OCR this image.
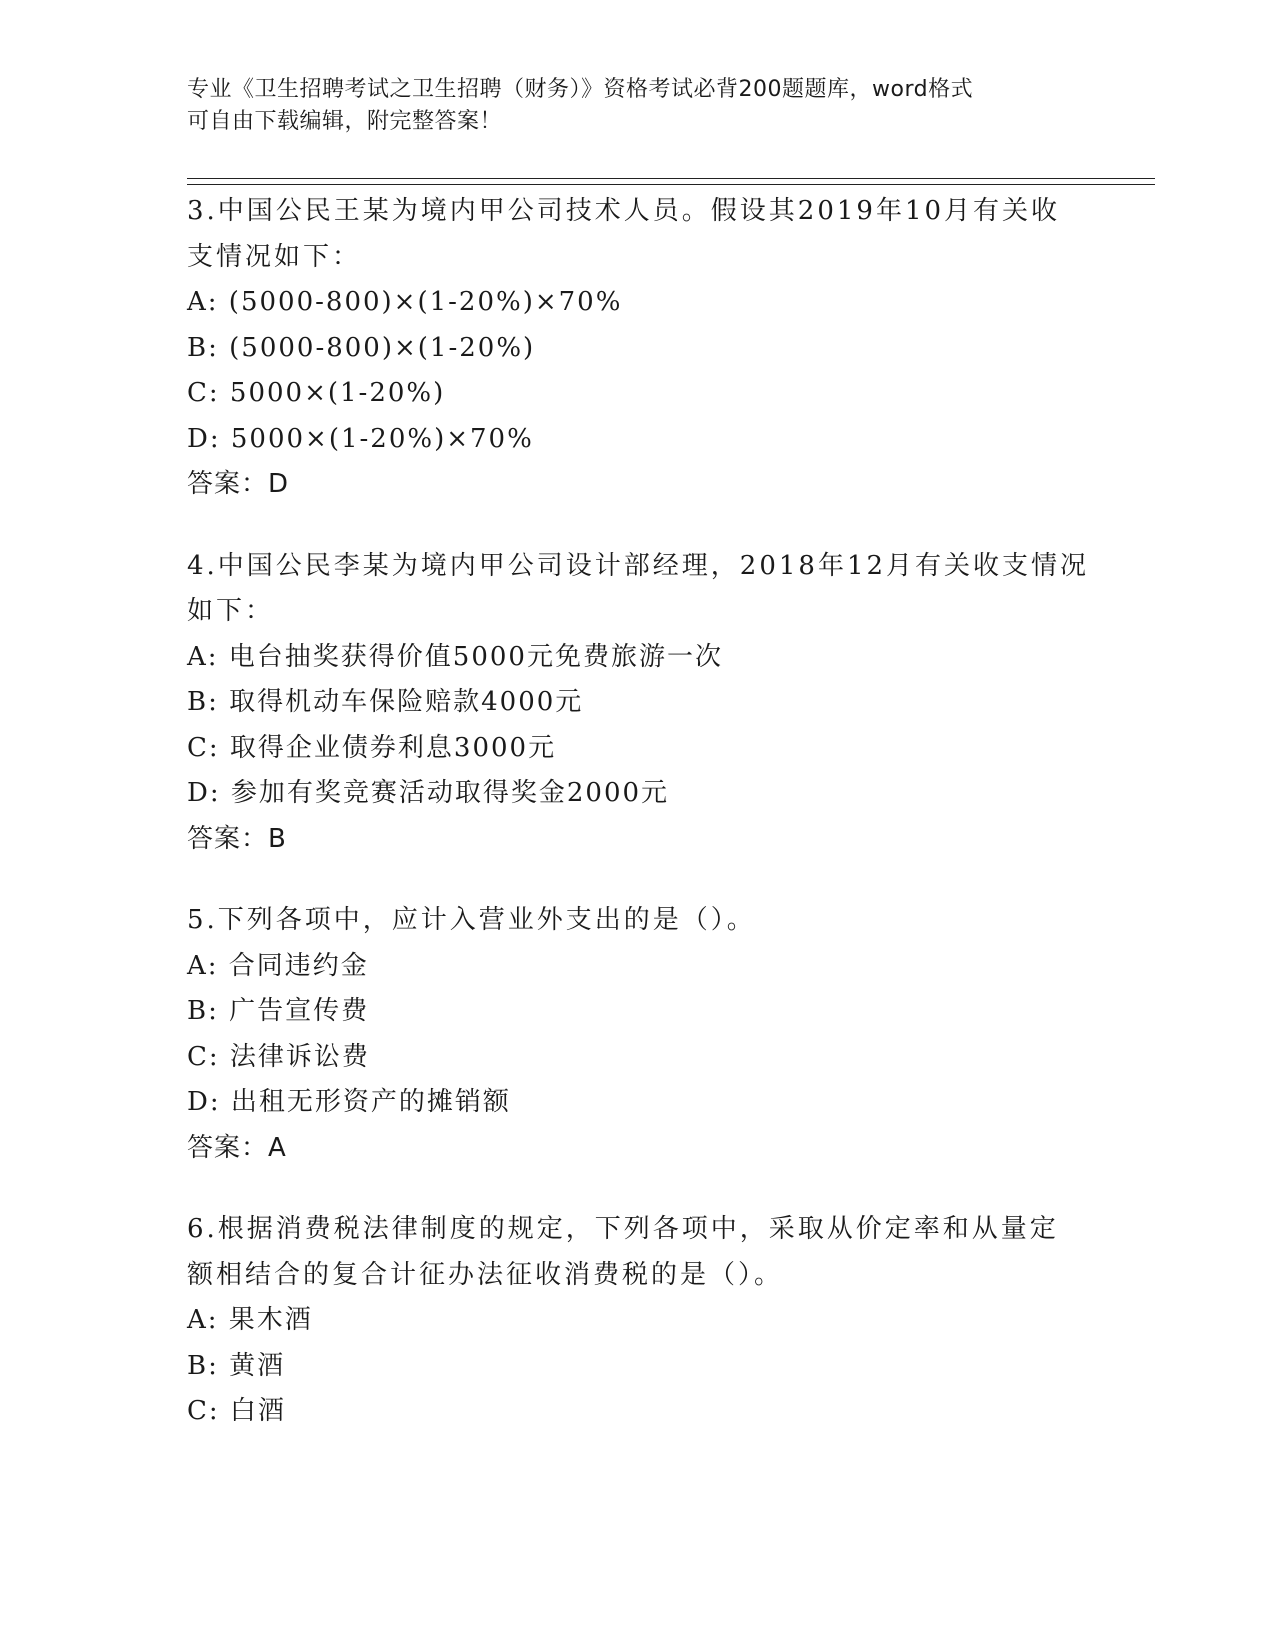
专业《卫生招聘考试之卫生招聘（财务）》资格考试必背200题题库，word格式
可自由下载编辑，附完整答案！

3.中国公民王某为境内甲公司技术人员。假设其2019年10月有关收

支情况如下：

A: (5000-800)×(1-20%)×70%

B: (5000-800)×(1-20%)

C: 5000×(1-20%)

D: 5000×(1-20%)×70%

答案：D

4.中国公民李某为境内甲公司设计部经理，2018年12月有关收支情况

如下：

A: 电台抽奖获得价值5000元免费旅游一次

B: 取得机动车保险赔款4000元

C: 取得企业债券利息3000元

D: 参加有奖竞赛活动取得奖金2000元

答案：B

5.下列各项中，应计入营业外支出的是（）。

A: 合同违约金

B: 广告宣传费

C: 法律诉讼费

D: 出租无形资产的摊销额

答案：A

6.根据消费税法律制度的规定，下列各项中，采取从价定率和从量定

额相结合的复合计征办法征收消费税的是（）。

A: 果木酒

B: 黄酒

C: 白酒
